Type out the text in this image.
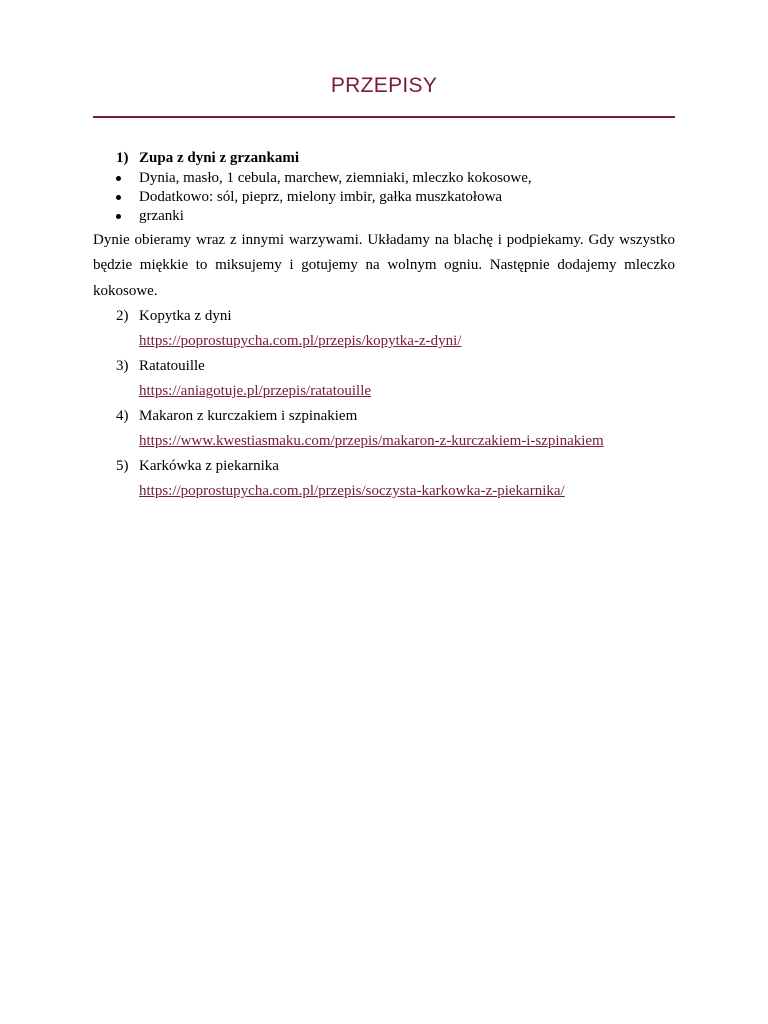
PRZEPISY
1) Zupa z dyni z grzankami
Dynia, masło, 1 cebula, marchew, ziemniaki, mleczko kokosowe,
Dodatkowo: sól, pieprz, mielony imbir, gałka muszkatołowa
grzanki
Dynie obieramy wraz z innymi warzywami. Układamy na blachę i podpiekamy. Gdy wszystko będzie miękkie to miksujemy i gotujemy na wolnym ogniu. Następnie dodajemy mleczko kokosowe.
2) Kopytka z dyni
https://poprostupycha.com.pl/przepis/kopytka-z-dyni/
3) Ratatouille
https://aniagotuje.pl/przepis/ratatouille
4) Makaron z kurczakiem i szpinakiem
https://www.kwestiasmaku.com/przepis/makaron-z-kurczakiem-i-szpinakiem
5) Karkówka z piekarnika
https://poprostupycha.com.pl/przepis/soczysta-karkowka-z-piekarnika/
